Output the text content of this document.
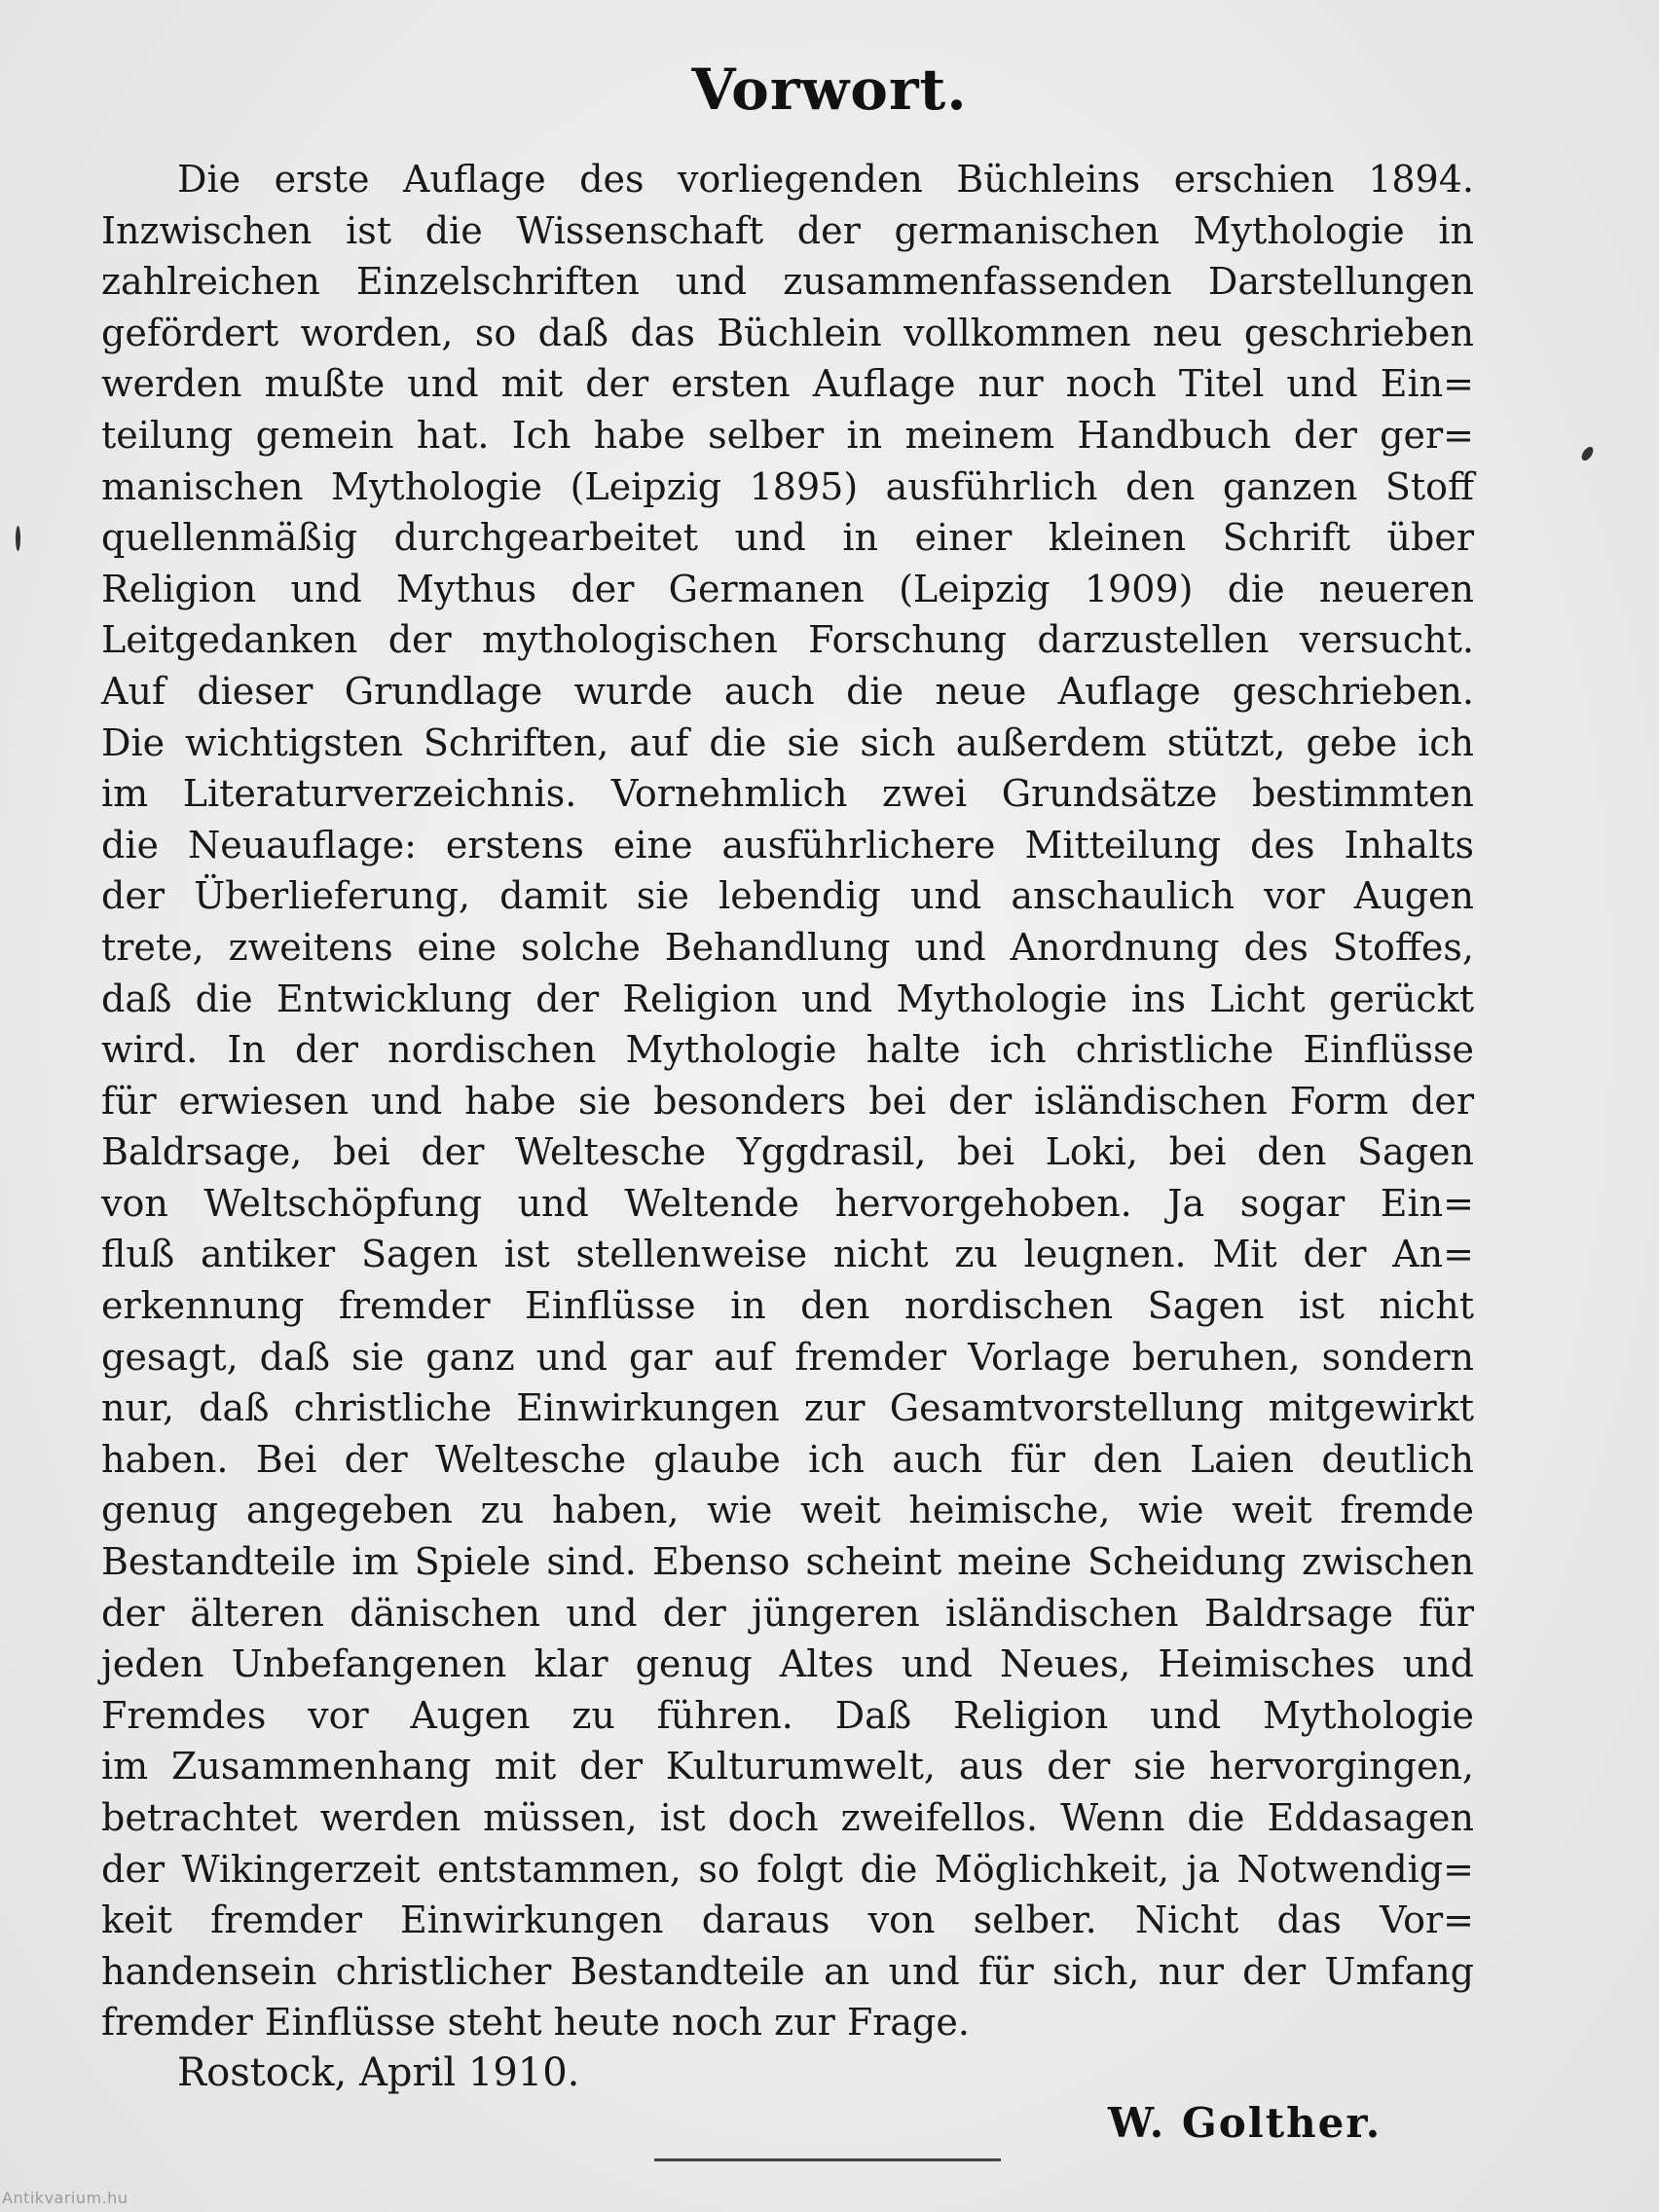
Vorwort.
Die erste Auflage des vorliegenden Büchleins erschien 1894.
Inzwischen ist die Wissenschaft der germanischen Mythologie in
zahlreichen Einzelschriften und zusammenfassenden Darstellungen
gefördert worden, so daß das Büchlein vollkommen neu geschrieben
werden mußte und mit der ersten Auflage nur noch Titel und Ein=
teilung gemein hat. Ich habe selber in meinem Handbuch der ger=
manischen Mythologie (Leipzig 1895) ausführlich den ganzen Stoff
quellenmäßig durchgearbeitet und in einer kleinen Schrift über
Religion und Mythus der Germanen (Leipzig 1909) die neueren
Leitgedanken der mythologischen Forschung darzustellen versucht.
Auf dieser Grundlage wurde auch die neue Auflage geschrieben.
Die wichtigsten Schriften, auf die sie sich außerdem stützt, gebe ich
im Literaturverzeichnis. Vornehmlich zwei Grundsätze bestimmten
die Neuauflage: erstens eine ausführlichere Mitteilung des Inhalts
der Überlieferung, damit sie lebendig und anschaulich vor Augen
trete, zweitens eine solche Behandlung und Anordnung des Stoffes,
daß die Entwicklung der Religion und Mythologie ins Licht gerückt
wird. In der nordischen Mythologie halte ich christliche Einflüsse
für erwiesen und habe sie besonders bei der isländischen Form der
Baldrsage, bei der Weltesche Yggdrasil, bei Loki, bei den Sagen
von Weltschöpfung und Weltende hervorgehoben. Ja sogar Ein=
fluß antiker Sagen ist stellenweise nicht zu leugnen. Mit der An=
erkennung fremder Einflüsse in den nordischen Sagen ist nicht
gesagt, daß sie ganz und gar auf fremder Vorlage beruhen, sondern
nur, daß christliche Einwirkungen zur Gesamtvorstellung mitgewirkt
haben. Bei der Weltesche glaube ich auch für den Laien deutlich
genug angegeben zu haben, wie weit heimische, wie weit fremde
Bestandteile im Spiele sind. Ebenso scheint meine Scheidung zwischen
der älteren dänischen und der jüngeren isländischen Baldrsage für
jeden Unbefangenen klar genug Altes und Neues, Heimisches und
Fremdes vor Augen zu führen. Daß Religion und Mythologie
im Zusammenhang mit der Kulturumwelt, aus der sie hervorgingen,
betrachtet werden müssen, ist doch zweifellos. Wenn die Eddasagen
der Wikingerzeit entstammen, so folgt die Möglichkeit, ja Notwendig=
keit fremder Einwirkungen daraus von selber. Nicht das Vor=
handensein christlicher Bestandteile an und für sich, nur der Umfang
fremder Einflüsse steht heute noch zur Frage.
Rostock, April 1910.
W. Golther.
Antikvarium.hu
